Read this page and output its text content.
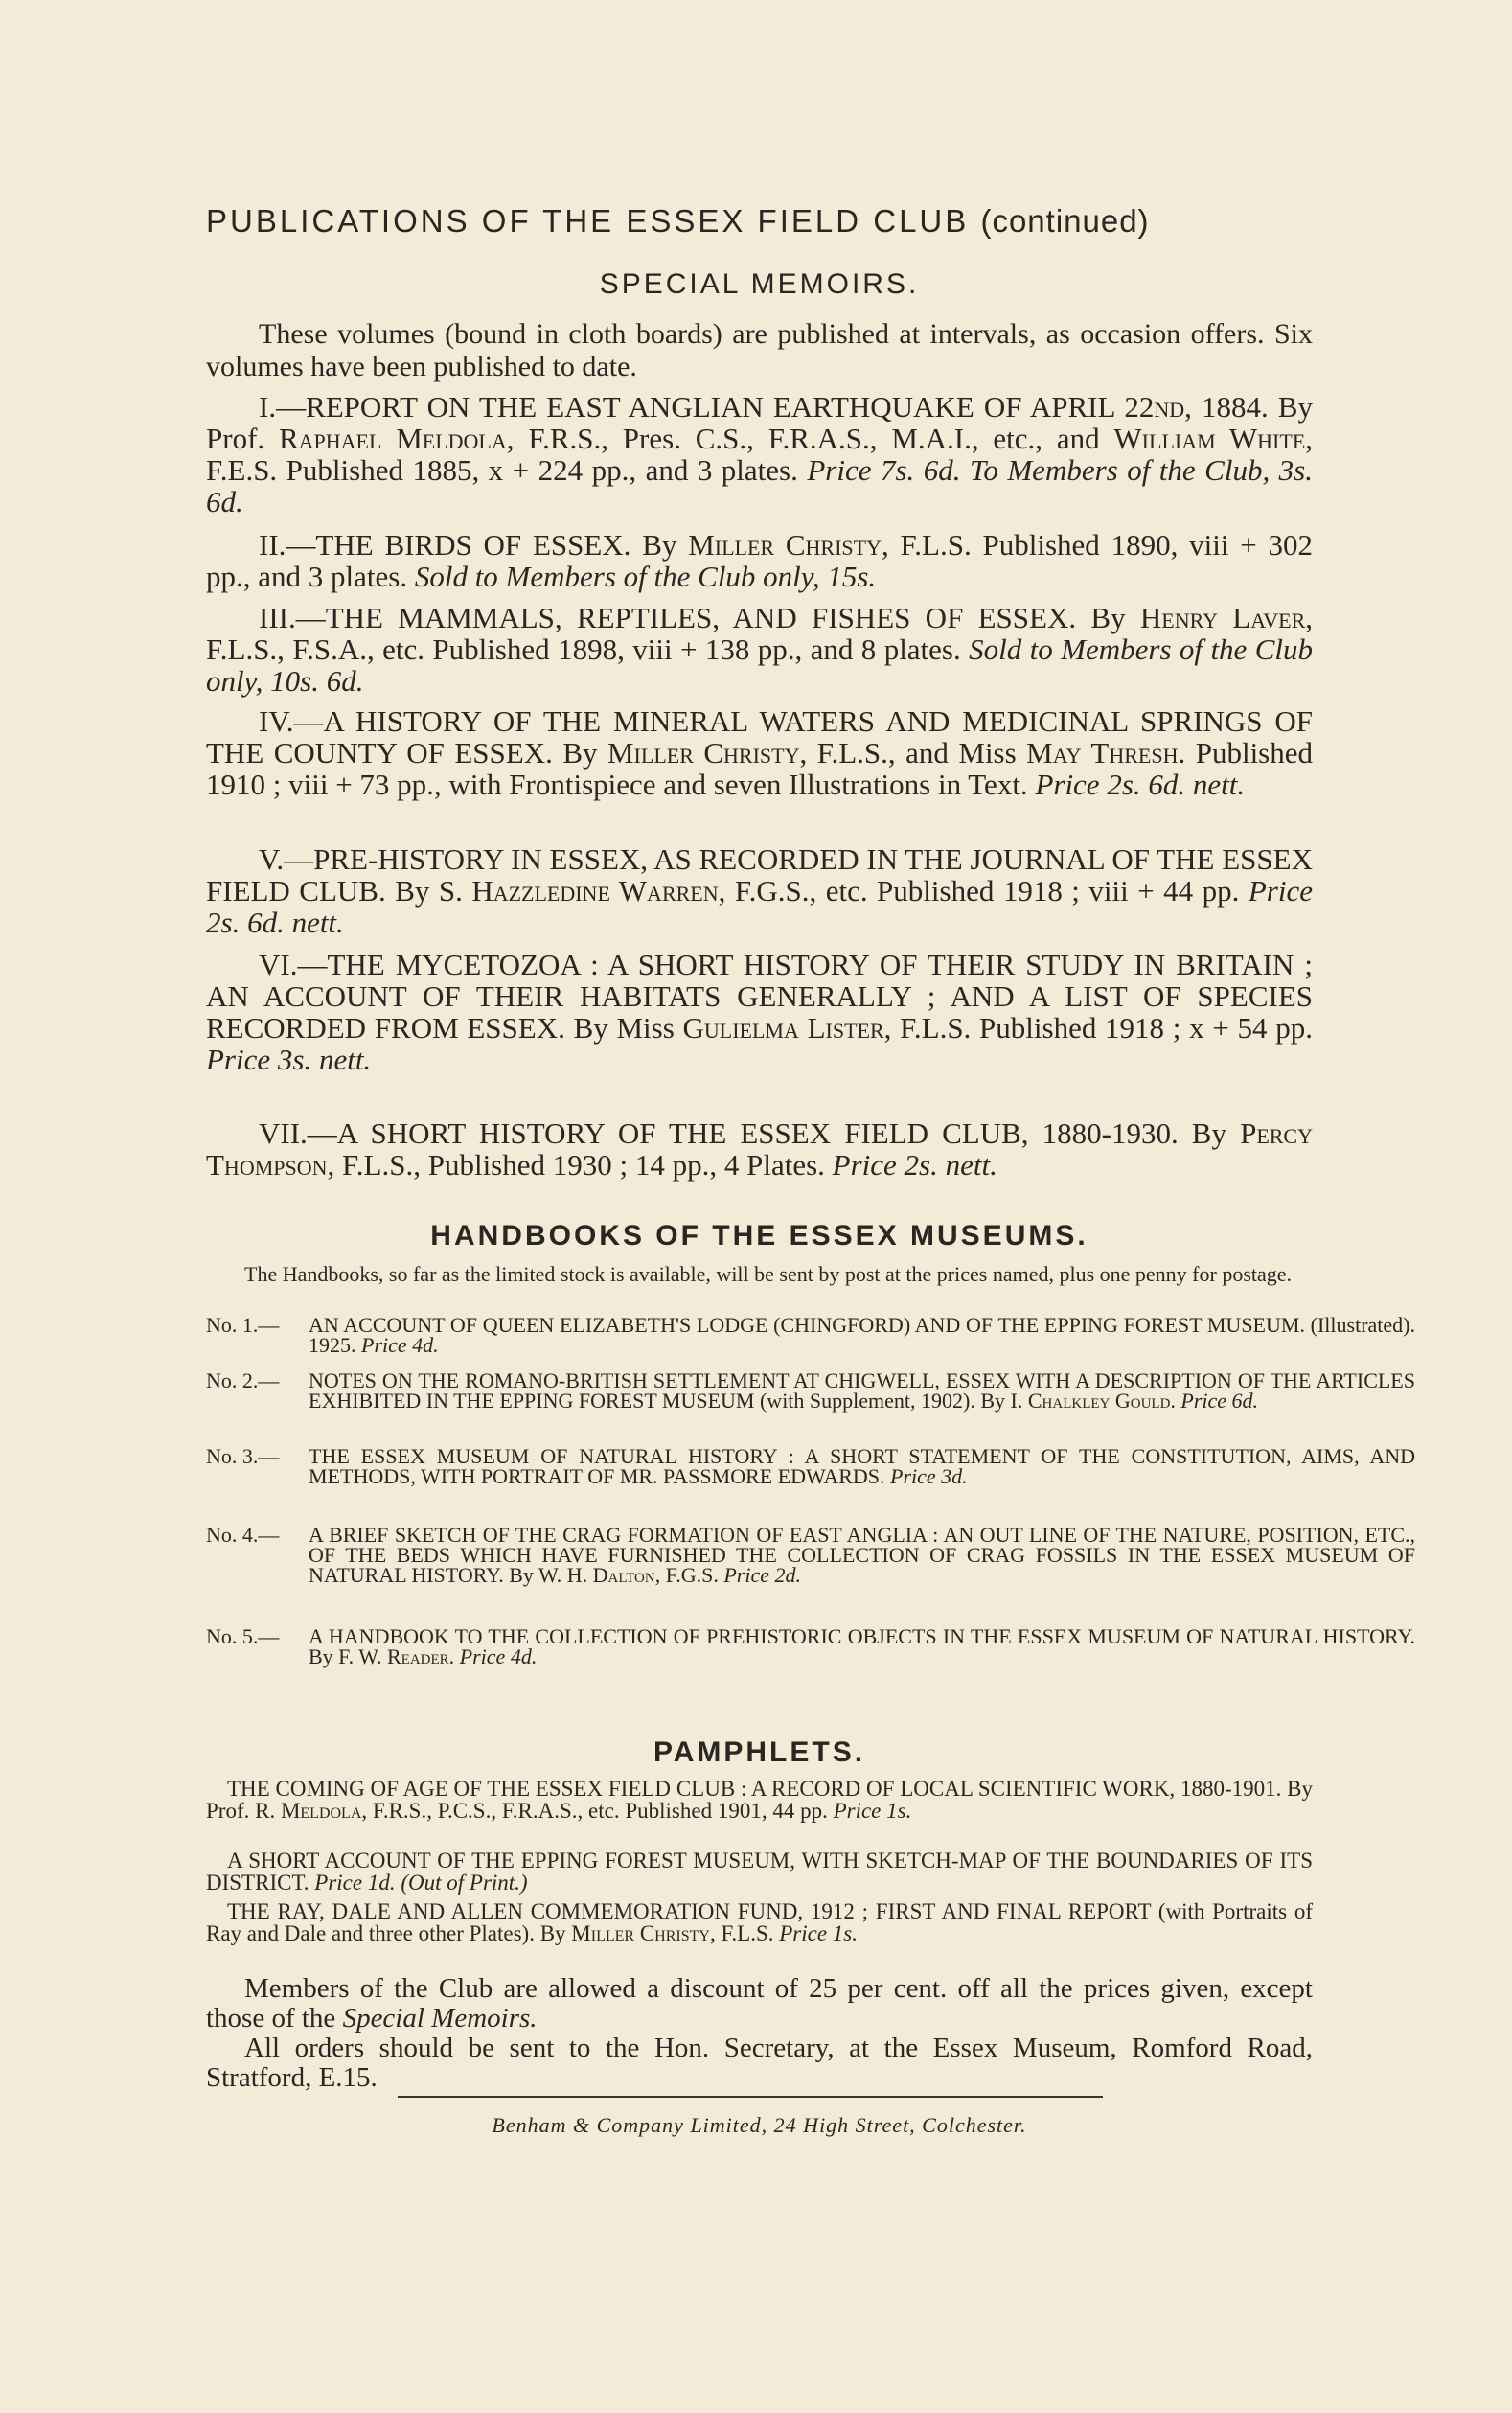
PUBLICATIONS OF THE ESSEX FIELD CLUB (continued)
SPECIAL MEMOIRS.
These volumes (bound in cloth boards) are published at intervals, as occasion offers. Six volumes have been published to date.
I.—REPORT ON THE EAST ANGLIAN EARTHQUAKE OF APRIL 22nd, 1884. By Prof. Raphael Meldola, F.R.S., Pres. C.S., F.R.A.S., M.A.I., etc., and William White, F.E.S. Published 1885, x + 224 pp., and 3 plates. Price 7s. 6d. To Members of the Club, 3s. 6d.
II.—THE BIRDS OF ESSEX. By Miller Christy, F.L.S. Published 1890, viii + 302 pp., and 3 plates. Sold to Members of the Club only, 15s.
III.—THE MAMMALS, REPTILES, AND FISHES OF ESSEX. By Henry Laver, F.L.S., F.S.A., etc. Published 1898, viii + 138 pp., and 8 plates. Sold to Members of the Club only, 10s. 6d.
IV.—A HISTORY OF THE MINERAL WATERS AND MEDICINAL SPRINGS OF THE COUNTY OF ESSEX. By Miller Christy, F.L.S., and Miss May Thresh. Published 1910 ; viii + 73 pp., with Frontispiece and seven Illustrations in Text. Price 2s. 6d. nett.
V.—PRE-HISTORY IN ESSEX, AS RECORDED IN THE JOURNAL OF THE ESSEX FIELD CLUB. By S. Hazzledine Warren, F.G.S., etc. Published 1918 ; viii + 44 pp. Price 2s. 6d. nett.
VI.—THE MYCETOZOA : A SHORT HISTORY OF THEIR STUDY IN BRITAIN ; AN ACCOUNT OF THEIR HABITATS GENERALLY ; AND A LIST OF SPECIES RECORDED FROM ESSEX. By Miss Gulielma Lister, F.L.S. Published 1918 ; x + 54 pp. Price 3s. nett.
VII.—A SHORT HISTORY OF THE ESSEX FIELD CLUB, 1880-1930. By Percy Thompson, F.L.S., Published 1930 ; 14 pp., 4 Plates. Price 2s. nett.
HANDBOOKS OF THE ESSEX MUSEUMS.
The Handbooks, so far as the limited stock is available, will be sent by post at the prices named, plus one penny for postage.
No. 1.— AN ACCOUNT OF QUEEN ELIZABETH'S LODGE (CHINGFORD) AND OF THE EPPING FOREST MUSEUM. (Illustrated). 1925. Price 4d.
No. 2.— NOTES ON THE ROMANO-BRITISH SETTLEMENT AT CHIGWELL, ESSEX WITH A DESCRIPTION OF THE ARTICLES EXHIBITED IN THE EPPING FOREST MUSEUM (with Supplement, 1902). By I. Chalkley Gould. Price 6d.
No. 3.— THE ESSEX MUSEUM OF NATURAL HISTORY : A SHORT STATEMENT OF THE CONSTITUTION, AIMS, AND METHODS, WITH PORTRAIT OF MR. PASSMORE EDWARDS. Price 3d.
No. 4.— A BRIEF SKETCH OF THE CRAG FORMATION OF EAST ANGLIA : AN OUT LINE OF THE NATURE, POSITION, ETC., OF THE BEDS WHICH HAVE FURNISHED THE COLLECTION OF CRAG FOSSILS IN THE ESSEX MUSEUM OF NATURAL HISTORY. By W. H. Dalton, F.G.S. Price 2d.
No. 5.— A HANDBOOK TO THE COLLECTION OF PREHISTORIC OBJECTS IN THE ESSEX MUSEUM OF NATURAL HISTORY. By F. W. Reader. Price 4d.
PAMPHLETS.
THE COMING OF AGE OF THE ESSEX FIELD CLUB : A RECORD OF LOCAL SCIENTIFIC WORK, 1880-1901. By Prof. R. Meldola, F.R.S., P.C.S., F.R.A.S., etc. Published 1901, 44 pp. Price 1s.
A SHORT ACCOUNT OF THE EPPING FOREST MUSEUM, WITH SKETCH-MAP OF THE BOUNDARIES OF ITS DISTRICT. Price 1d. (Out of Print.)
THE RAY, DALE AND ALLEN COMMEMORATION FUND, 1912 ; FIRST AND FINAL REPORT (with Portraits of Ray and Dale and three other Plates). By Miller Christy, F.L.S. Price 1s.
Members of the Club are allowed a discount of 25 per cent. off all the prices given, except those of the Special Memoirs.
All orders should be sent to the Hon. Secretary, at the Essex Museum, Romford Road, Stratford, E.15.
Benham & Company Limited, 24 High Street, Colchester.
